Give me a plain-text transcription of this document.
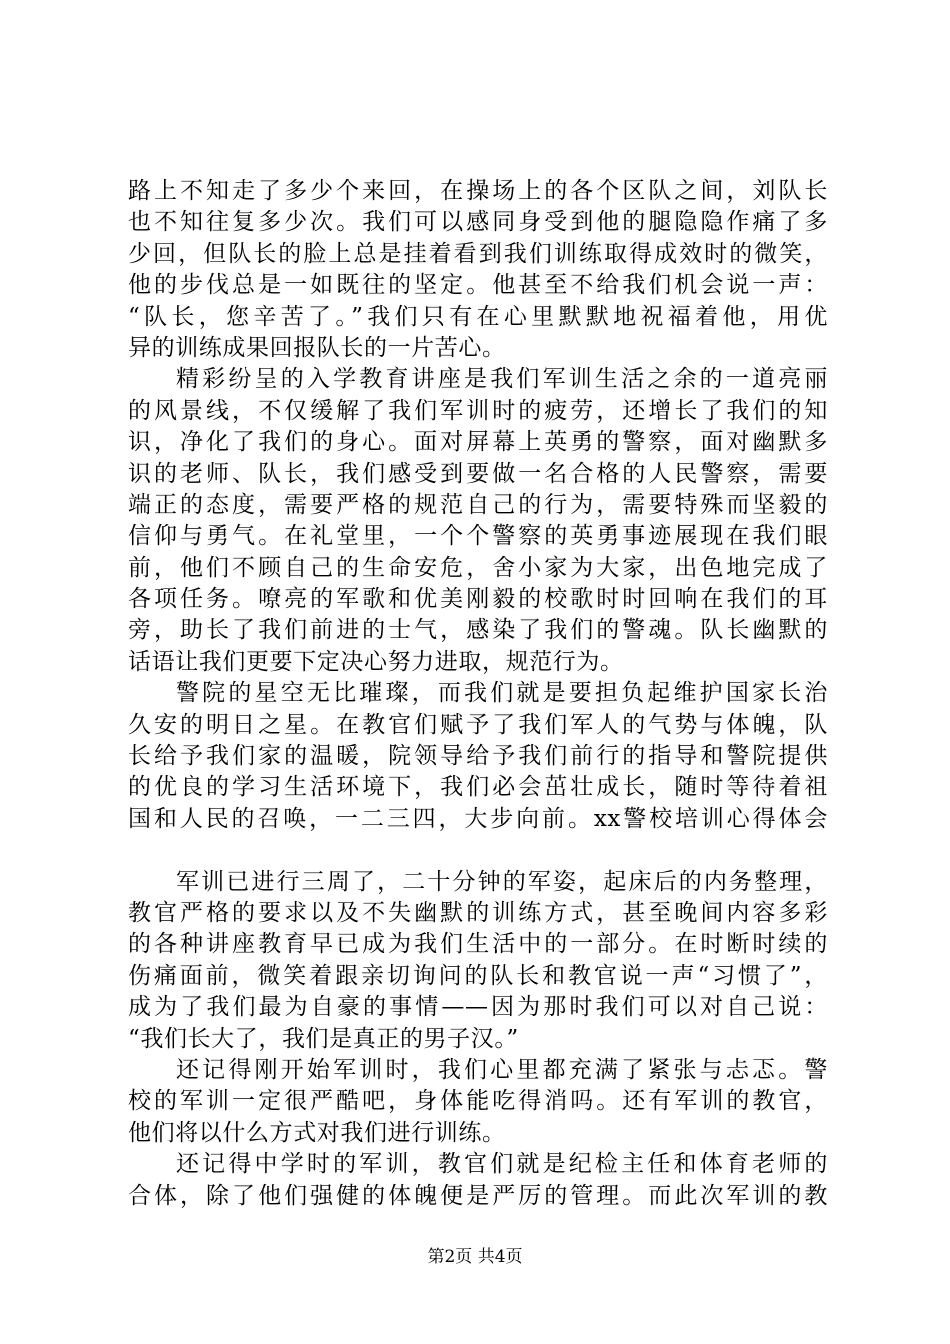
路上不知走了多少个来回，在操场上的各个区队之间，刘队长
也不知往复多少次。我们可以感同身受到他的腿隐隐作痛了多
少回，但队长的脸上总是挂着看到我们训练取得成效时的微笑，
他的步伐总是一如既往的坚定。他甚至不给我们机会说一声：
“队长，您辛苦了。”我们只有在心里默默地祝福着他，用优
异的训练成果回报队长的一片苦心。
精彩纷呈的入学教育讲座是我们军训生活之余的一道亮丽
的风景线，不仅缓解了我们军训时的疲劳，还增长了我们的知
识，净化了我们的身心。面对屏幕上英勇的警察，面对幽默多
识的老师、队长，我们感受到要做一名合格的人民警察，需要
端正的态度，需要严格的规范自己的行为，需要特殊而坚毅的
信仰与勇气。在礼堂里，一个个警察的英勇事迹展现在我们眼
前，他们不顾自己的生命安危，舍小家为大家，出色地完成了
各项任务。嘹亮的军歌和优美刚毅的校歌时时回响在我们的耳
旁，助长了我们前进的士气，感染了我们的警魂。队长幽默的
话语让我们更要下定决心努力进取，规范行为。
警院的星空无比璀璨，而我们就是要担负起维护国家长治
久安的明日之星。在教官们赋予了我们军人的气势与体魄，队
长给予我们家的温暖，院领导给予我们前行的指导和警院提供
的优良的学习生活环境下，我们必会茁壮成长，随时等待着祖
国和人民的召唤，一二三四，大步向前。xx警校培训心得体会
军训已进行三周了，二十分钟的军姿，起床后的内务整理，
教官严格的要求以及不失幽默的训练方式，甚至晚间内容多彩
的各种讲座教育早已成为我们生活中的一部分。在时断时续的
伤痛面前，微笑着跟亲切询问的队长和教官说一声“习惯了”，
成为了我们最为自豪的事情——因为那时我们可以对自己说：
“我们长大了，我们是真正的男子汉。”
还记得刚开始军训时，我们心里都充满了紧张与忐忑。警
校的军训一定很严酷吧，身体能吃得消吗。还有军训的教官，
他们将以什么方式对我们进行训练。
还记得中学时的军训，教官们就是纪检主任和体育老师的
合体，除了他们强健的体魄便是严厉的管理。而此次军训的教
第2页 共4页
